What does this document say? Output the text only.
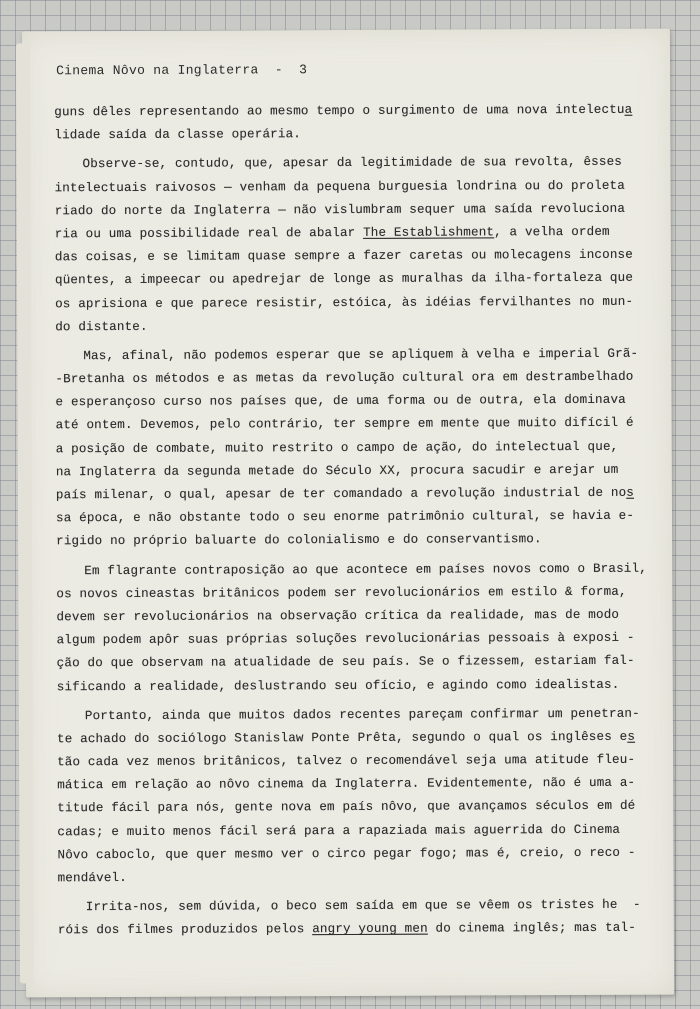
Cinema Nôvo na Inglaterra  -  3
guns dêles representando ao mesmo tempo o surgimento de uma nova intelectua
lidade saída da classe operária.
Observe-se, contudo, que, apesar da legitimidade de sua revolta, êsses
intelectuais raivosos — venham da pequena burguesia londrina ou do proleta
riado do norte da Inglaterra — não vislumbram sequer uma saída revoluciona
ria ou uma possibilidade real de abalar The Establishment, a velha ordem
das coisas, e se limitam quase sempre a fazer caretas ou molecagens inconse
qüentes, a impeecar ou apedrejar de longe as muralhas da ilha-fortaleza que
os aprisiona e que parece resistir, estóica, às idéias fervilhantes no mun-
do distante.
Mas, afinal, não podemos esperar que se apliquem à velha e imperial Grã-
-Bretanha os métodos e as metas da revolução cultural ora em destrambelhado
e esperançoso curso nos países que, de uma forma ou de outra, ela dominava
até ontem. Devemos, pelo contrário, ter sempre em mente que muito difícil é
a posição de combate, muito restrito o campo de ação, do intelectual que,
na Inglaterra da segunda metade do Século XX, procura sacudir e arejar um
país milenar, o qual, apesar de ter comandado a revolução industrial de nos
sa época, e não obstante todo o seu enorme patrimônio cultural, se havia e-
rigido no próprio baluarte do colonialismo e do conservantismo.
Em flagrante contraposição ao que acontece em países novos como o Brasil,
os novos cineastas britânicos podem ser revolucionários em estilo & forma,
devem ser revolucionários na observação crítica da realidade, mas de modo
algum podem apôr suas próprias soluções revolucionárias pessoais à exposi -
ção do que observam na atualidade de seu país. Se o fizessem, estariam fal-
sificando a realidade, deslustrando seu ofício, e agindo como idealistas.
Portanto, ainda que muitos dados recentes pareçam confirmar um penetran-
te achado do sociólogo Stanislaw Ponte Prêta, segundo o qual os inglêses es
tão cada vez menos britânicos, talvez o recomendável seja uma atitude fleu-
mática em relação ao nôvo cinema da Inglaterra. Evidentemente, não é uma a-
titude fácil para nós, gente nova em país nôvo, que avançamos séculos em dé
cadas; e muito menos fácil será para a rapaziada mais aguerrida do Cinema
Nôvo caboclo, que quer mesmo ver o circo pegar fogo; mas é, creio, o reco -
mendável.
Irrita-nos, sem dúvida, o beco sem saída em que se vêem os tristes he  -
róis dos filmes produzidos pelos angry young men do cinema inglês; mas tal-
